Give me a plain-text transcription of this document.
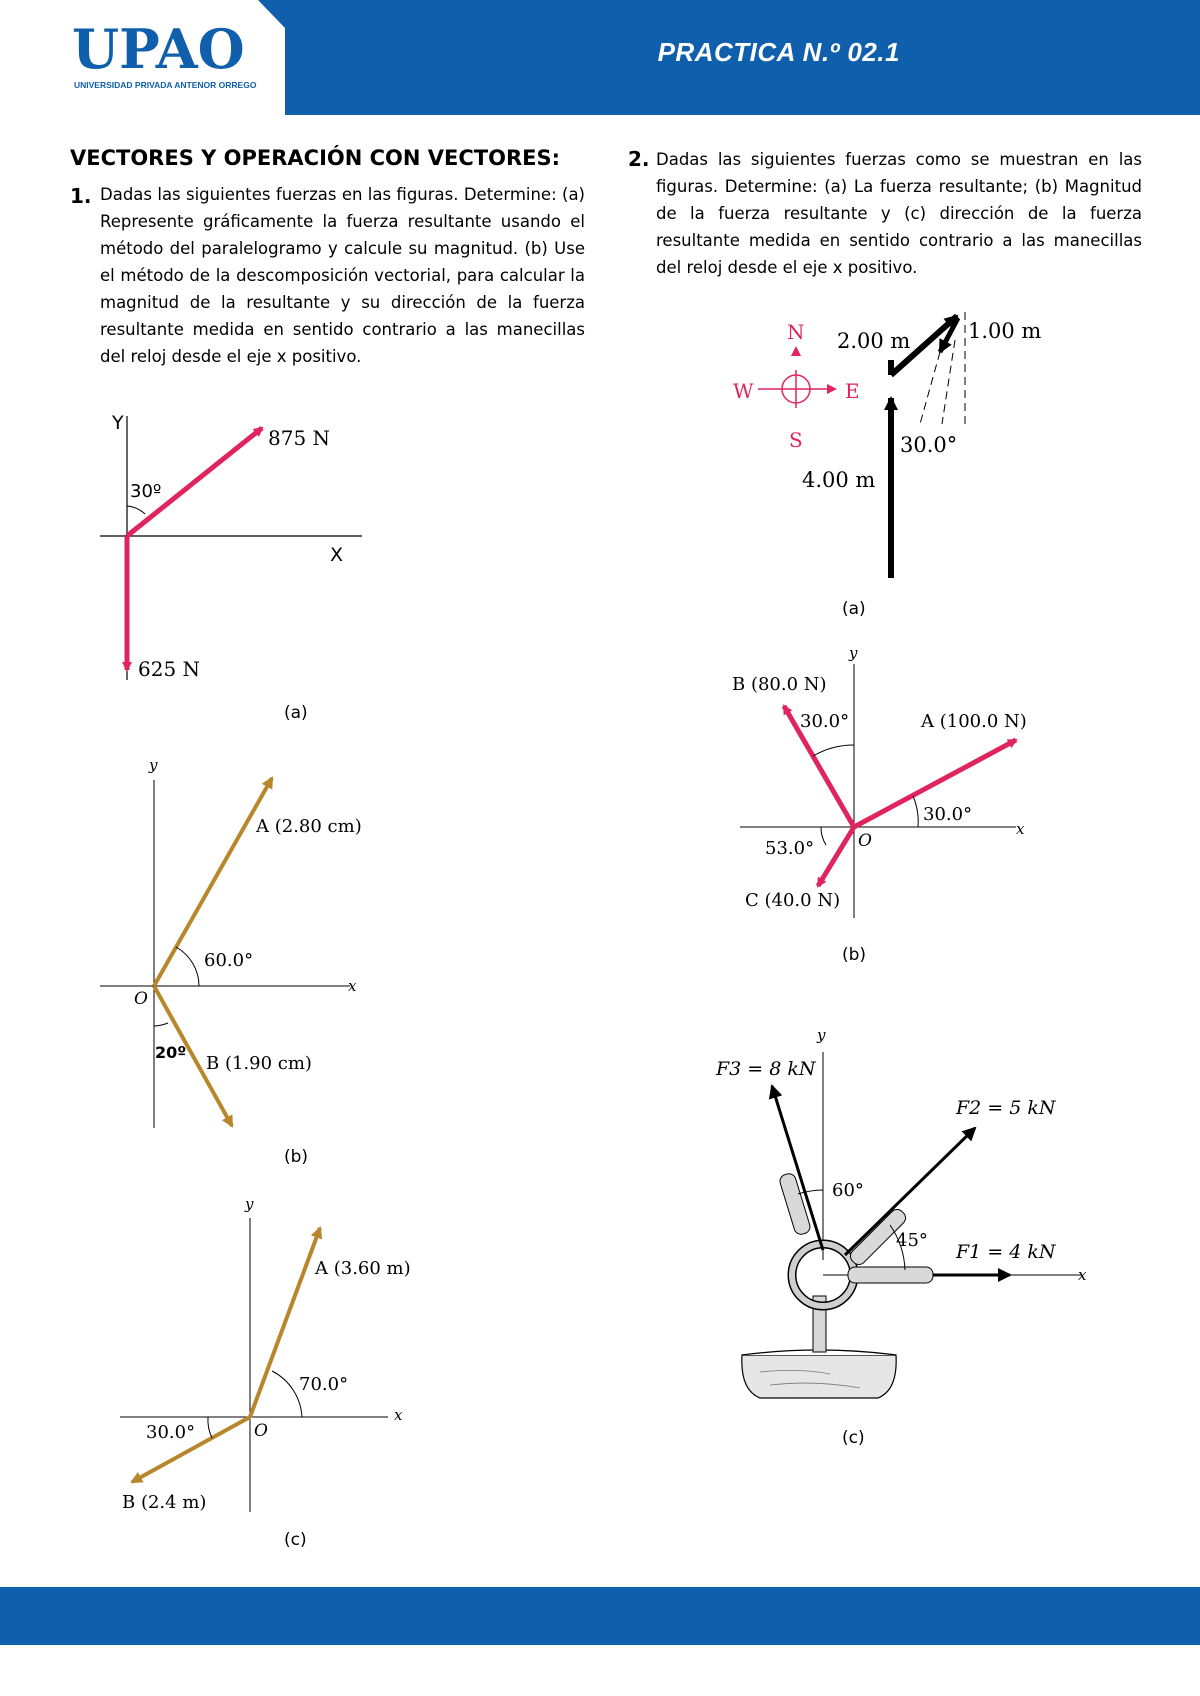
UPAO
UNIVERSIDAD PRIVADA ANTENOR ORREGO
PRACTICA N.º 02.1
VECTORES Y OPERACIÓN CON VECTORES:
1. Dadas las siguientes fuerzas en las figuras. Determine: (a) Represente gráficamente la fuerza resultante usando el método del paralelogramo y calcule su magnitud. (b) Use el método de la descomposición vectorial, para calcular la magnitud de la resultante y su dirección de la fuerza resultante medida en sentido contrario a las manecillas del reloj desde el eje x positivo.
2. Dadas las siguientes fuerzas como se muestran en las figuras. Determine: (a) La fuerza resultante; (b) Magnitud de la fuerza resultante y (c) dirección de la fuerza resultante medida en sentido contrario a las manecillas del reloj desde el eje x positivo.
Y
X
30º
875 N
625 N
(a)
y
x
O
A (2.80 cm)
60.0°
20º
B (1.90 cm)
(b)
y
x
O
A (3.60 m)
70.0°
30.0°
B (2.4 m)
(c)
N
S
W	E
2.00 m	1.00 m
4.00 m
30.0°
(a)
y
x
O
A (100.0 N)
B (80.0 N)
C (40.0 N)
30.0°
30.0°
53.0°
(b)
y
x
F3 = 8 kN
F2 = 5 kN
F1 = 4 kN
60°
45°
(c)
